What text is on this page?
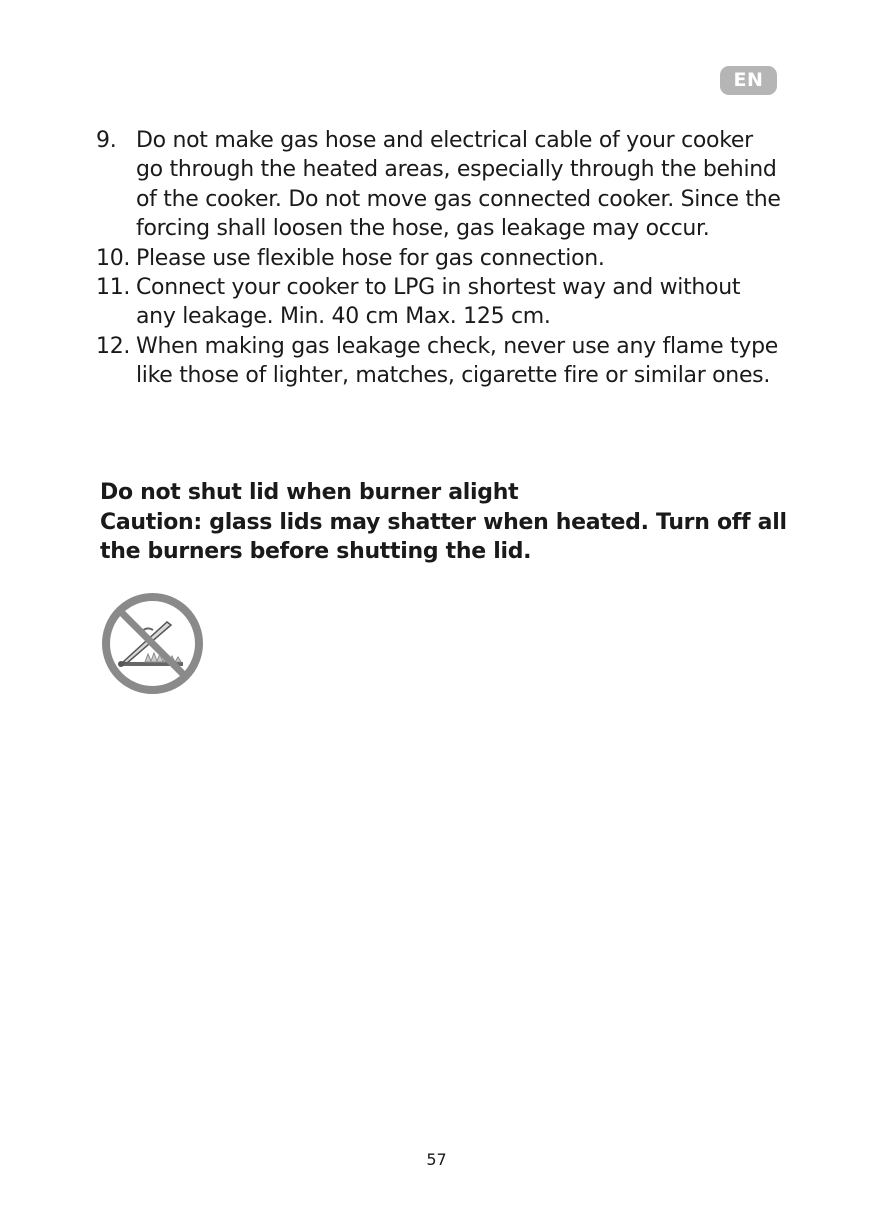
EN
9. Do not make gas hose and electrical cable of your cooker go through the heated areas, especially through the behind of the cooker. Do not move gas connected cooker. Since the forcing shall loosen the hose, gas leakage may occur.
10. Please use flexible hose for gas connection.
11. Connect your cooker to LPG in shortest way and without any leakage. Min. 40 cm Max. 125 cm.
12. When making gas leakage check, never use any flame type like those of lighter, matches, cigarette fire or similar ones.
Do not shut lid when burner alight
Caution: glass lids may shatter when heated. Turn off all the burners before shutting the lid.
57
